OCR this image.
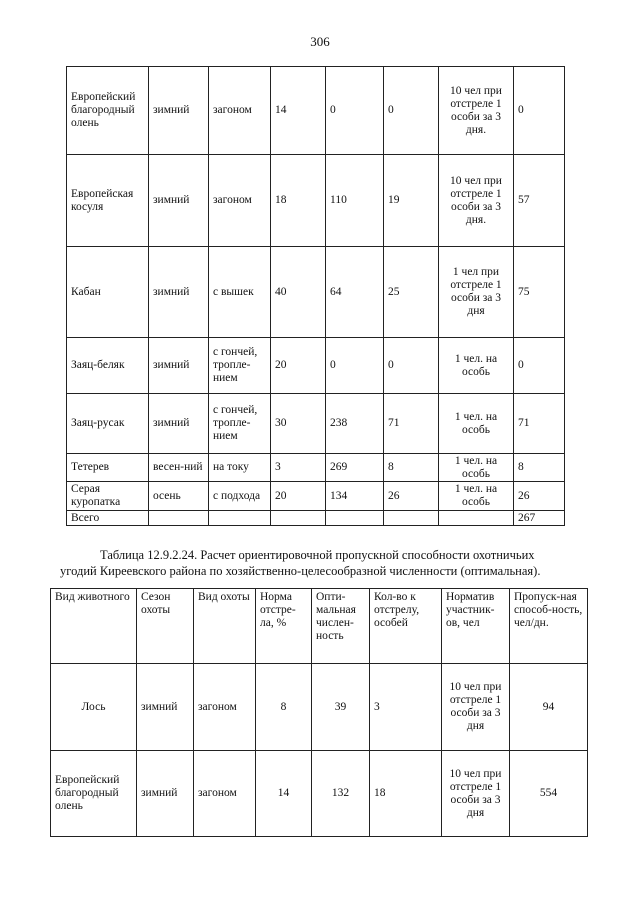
306
Европейский благородный олень	зимний	загоном	14	0	0	10 чел при отстреле 1 особи за 3 дня.	0
Европейская косуля	зимний	загоном	18	110	19	10 чел при отстреле 1 особи за 3 дня.	57
Кабан	зимний	с вышек	40	64	25	1 чел при отстреле 1 особи за 3 дня	75
Заяц-беляк	зимний	с гончей, тропле-нием	20	0	0	1 чел. на особь	0
Заяц-русак	зимний	с гончей, тропле-нием	30	238	71	1 чел. на особь	71
Тетерев	весен-ний	на току	3	269	8	1 чел. на особь	8
Серая куропатка	осень	с подхода	20	134	26	1 чел. на особь	26
Всего							267
Таблица 12.9.2.24. Расчет ориентировочной пропускной способности охотничьих
угодий Киреевского района по хозяйственно-целесообразной численности (оптимальная).
Вид животного	Сезон охоты	Вид охоты	Норма отстре-ла, %	Опти-мальная числен-ность	Кол-во к отстрелу, особей	Норматив участник-ов, чел	Пропуск-ная способ-ность, чел/дн.
Лось	зимний	загоном	8	39	3	10 чел при отстреле 1 особи за 3 дня	94
Европейский благородный олень	зимний	загоном	14	132	18	10 чел при отстреле 1 особи за 3 дня	554
